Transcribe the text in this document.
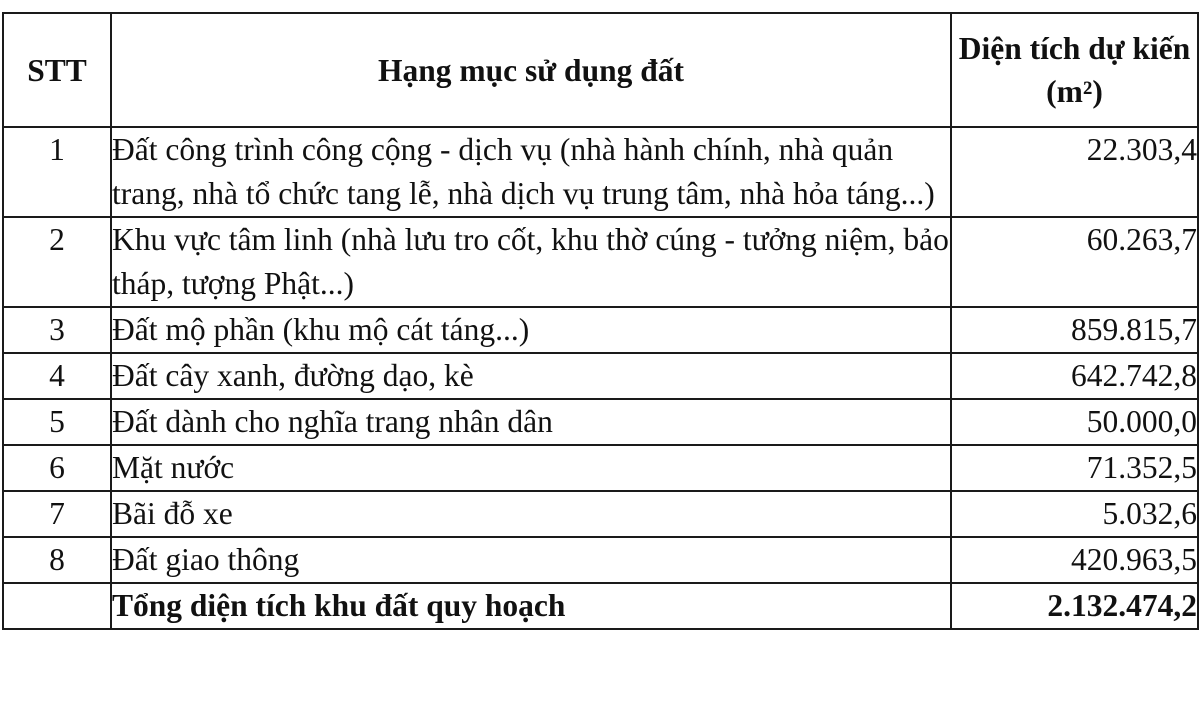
STT	Hạng mục sử dụng đất	Diện tích dự kiến (m²)
1	Đất công trình công cộng - dịch vụ (nhà hành chính, nhà quản trang, nhà tổ chức tang lễ, nhà dịch vụ trung tâm, nhà hỏa táng...)	22.303,4
2	Khu vực tâm linh (nhà lưu tro cốt, khu thờ cúng - tưởng niệm, bảo tháp, tượng Phật...)	60.263,7
3	Đất mộ phần (khu mộ cát táng...)	859.815,7
4	Đất cây xanh, đường dạo, kè	642.742,8
5	Đất dành cho nghĩa trang nhân dân	50.000,0
6	Mặt nước	71.352,5
7	Bãi đỗ xe	5.032,6
8	Đất giao thông	420.963,5
	Tổng diện tích khu đất quy hoạch	2.132.474,2
